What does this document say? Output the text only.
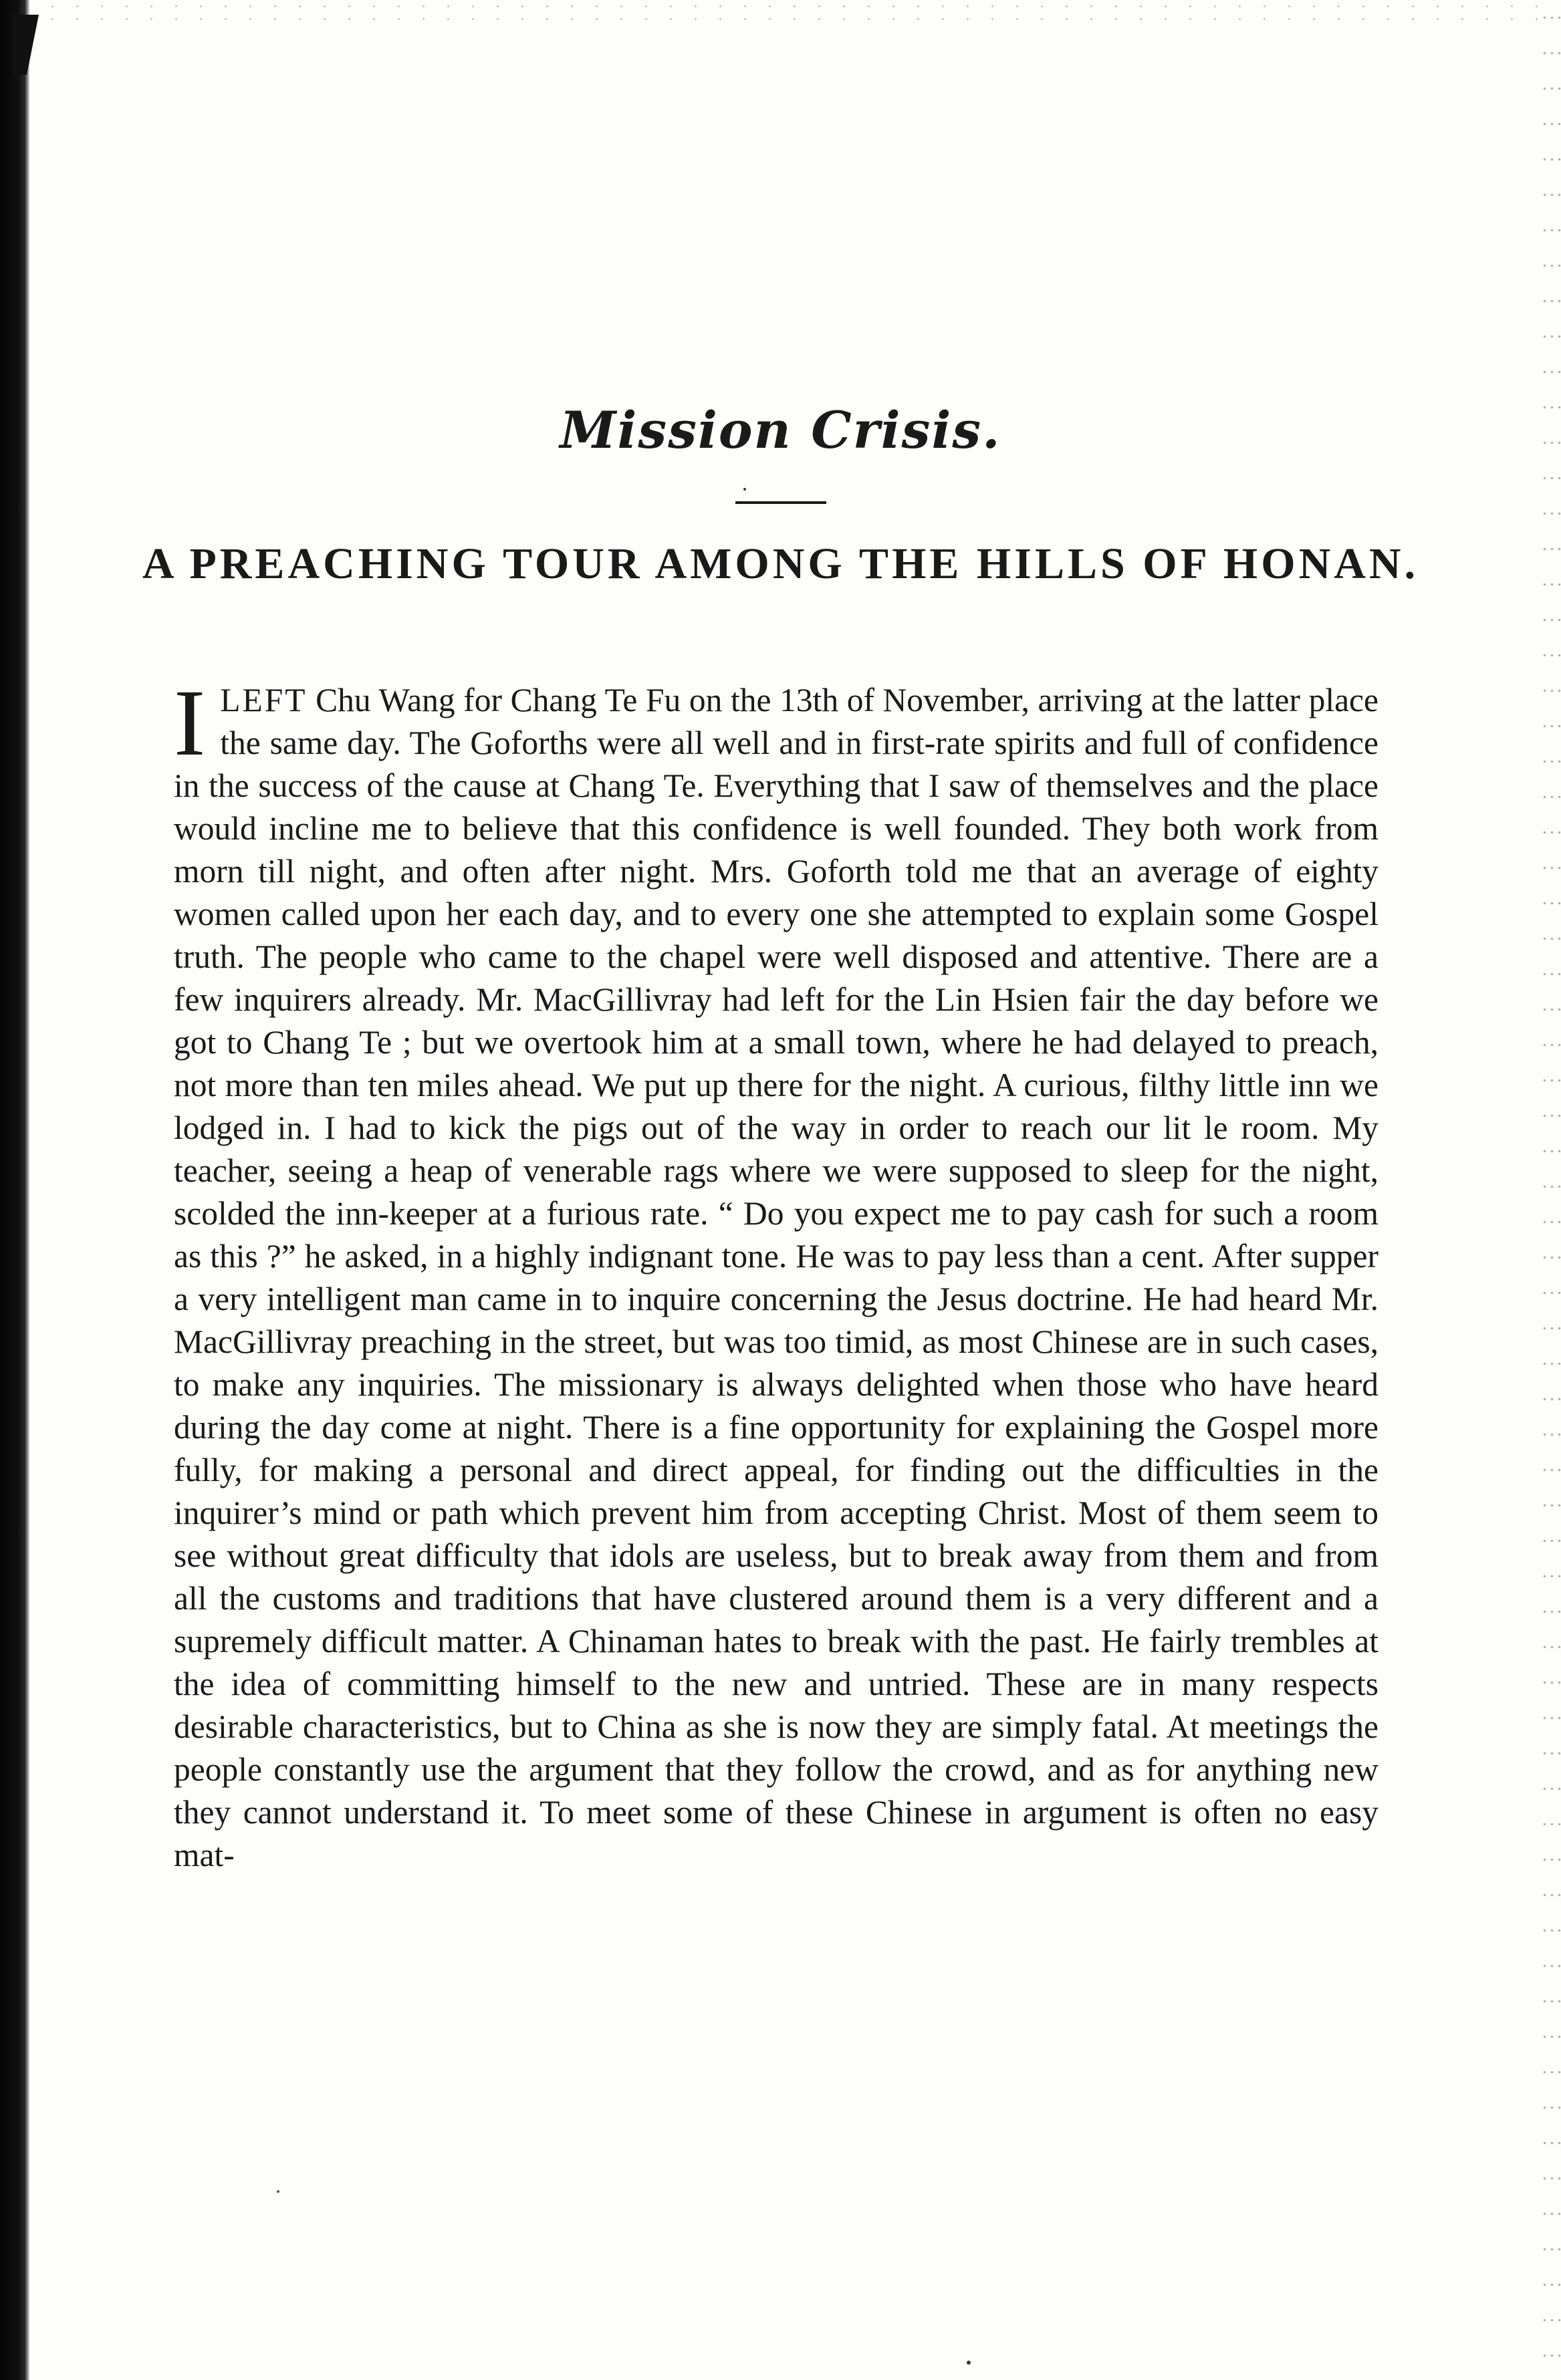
Mission Crisis.
A PREACHING TOUR AMONG THE HILLS OF HONAN.

ILEFT Chu Wang for Chang Te Fu on the 13th of November, arriving at the latter place the same day. The Goforths were all well and in first-rate spirits and full of confidence in the success of the cause at Chang Te. Everything that I saw of themselves and the place would incline me to believe that this confidence is well founded. They both work from morn till night, and often after night. Mrs. Goforth told me that an average of eighty women called upon her each day, and to every one she attempted to explain some Gospel truth. The people who came to the chapel were well disposed and attentive. There are a few inquirers already. Mr. MacGillivray had left for the Lin Hsien fair the day before we got to Chang Te ; but we overtook him at a small town, where he had delayed to preach, not more than ten miles ahead. We put up there for the night. A curious, filthy little inn we lodged in. I had to kick the pigs out of the way in order to reach our lit le room. My teacher, seeing a heap of venerable rags where we were supposed to sleep for the night, scolded the inn-keeper at a furious rate. “ Do you expect me to pay cash for such a room as this ?” he asked, in a highly indignant tone. He was to pay less than a cent. After supper a very intelligent man came in to inquire concerning the Jesus doctrine. He had heard Mr. MacGillivray preaching in the street, but was too timid, as most Chinese are in such cases, to make any inquiries. The missionary is always delighted when those who have heard during the day come at night. There is a fine opportunity for explaining the Gospel more fully, for making a personal and direct appeal, for finding out the difficulties in the inquirer’s mind or path which prevent him from accepting Christ. Most of them seem to see without great difficulty that idols are useless, but to break away from them and from all the customs and traditions that have clustered around them is a very different and a supremely difficult matter. A Chinaman hates to break with the past. He fairly trembles at the idea of committing himself to the new and untried. These are in many respects desirable characteristics, but to China as she is now they are simply fatal. At meetings the people constantly use the argument that they follow the crowd, and as for anything new they cannot understand it. To meet some of these Chinese in argument is often no easy mat-
